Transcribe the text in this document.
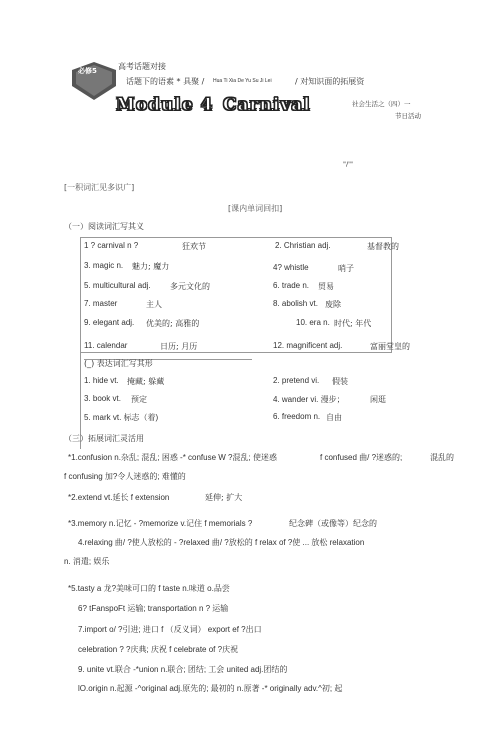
必修5	高考话题对接
话题下的语素 * 具聚 / Hua Ti Xia De Yu Su Ji Lei	/ 对知识面的拓展资
Module 4 Carnival	社会生活之（四）一
节日活动
"/'"
[一积词汇见多识广]
[课内单词回扣]
（一）阅读词汇写其义
1 ? carnival n ?	狂欢节	2. Christian adj.	基督教的
3. magic n. 魅力; 魔力	4? whistle	哨子
5. multicultural adj. 多元文化的	6. trade n. 贸易
7. master	主人	8. abolish vt. 废除
9. elegant adj. 优美的; 高雅的	10. era n. 时代; 年代
11. calendar	日历; 月历	12. magnificent adj.	富丽堂皇的
(_) 表达词汇写其形
1. hide vt. 掩藏; 躲藏	2. pretend vi. 假装
3. book vt. 预定	4. wander vi. 漫步；	闲逛
5. mark vt. 标志（着)	6. freedom n. 自由
（三）拓展词汇灵活用
*1.confusion n.杂乱; 混乱; 困惑 -* confuse W ?混乱; 使迷惑	f confused 曲/ ?迷惑的;	混乱的
f confusing 加?令人迷惑的; 难懂的
*2.extend vt.延长 f extension	延伸; 扩大
*3.memory n.记忆 - ?memorize v.记住 f memorials ?	纪念碑（或像等）纪念的
4.relaxing 曲/ ?使人放松的 - ?relaxed 曲/ ?放松的 f relax of ?使 ... 放松 relaxation
n. 消遣; 娱乐
*5.tasty a 龙?美味可口的 f taste n.味道 o.品尝
6? tFanspoFt 运输; transportation n ? 运输
7.import o/ ?引进; 进口 f （反义词） export ef ?出口
celebration ? ?庆典; 庆祝 f celebrate of ?庆祝
9. unite vt.联合 -*union n.联合; 团结; 工会 united adj.团结的
lO.origin n.起源 -^original adj.原先的; 最初的 n.原著 -* originally adv.^初; 起
